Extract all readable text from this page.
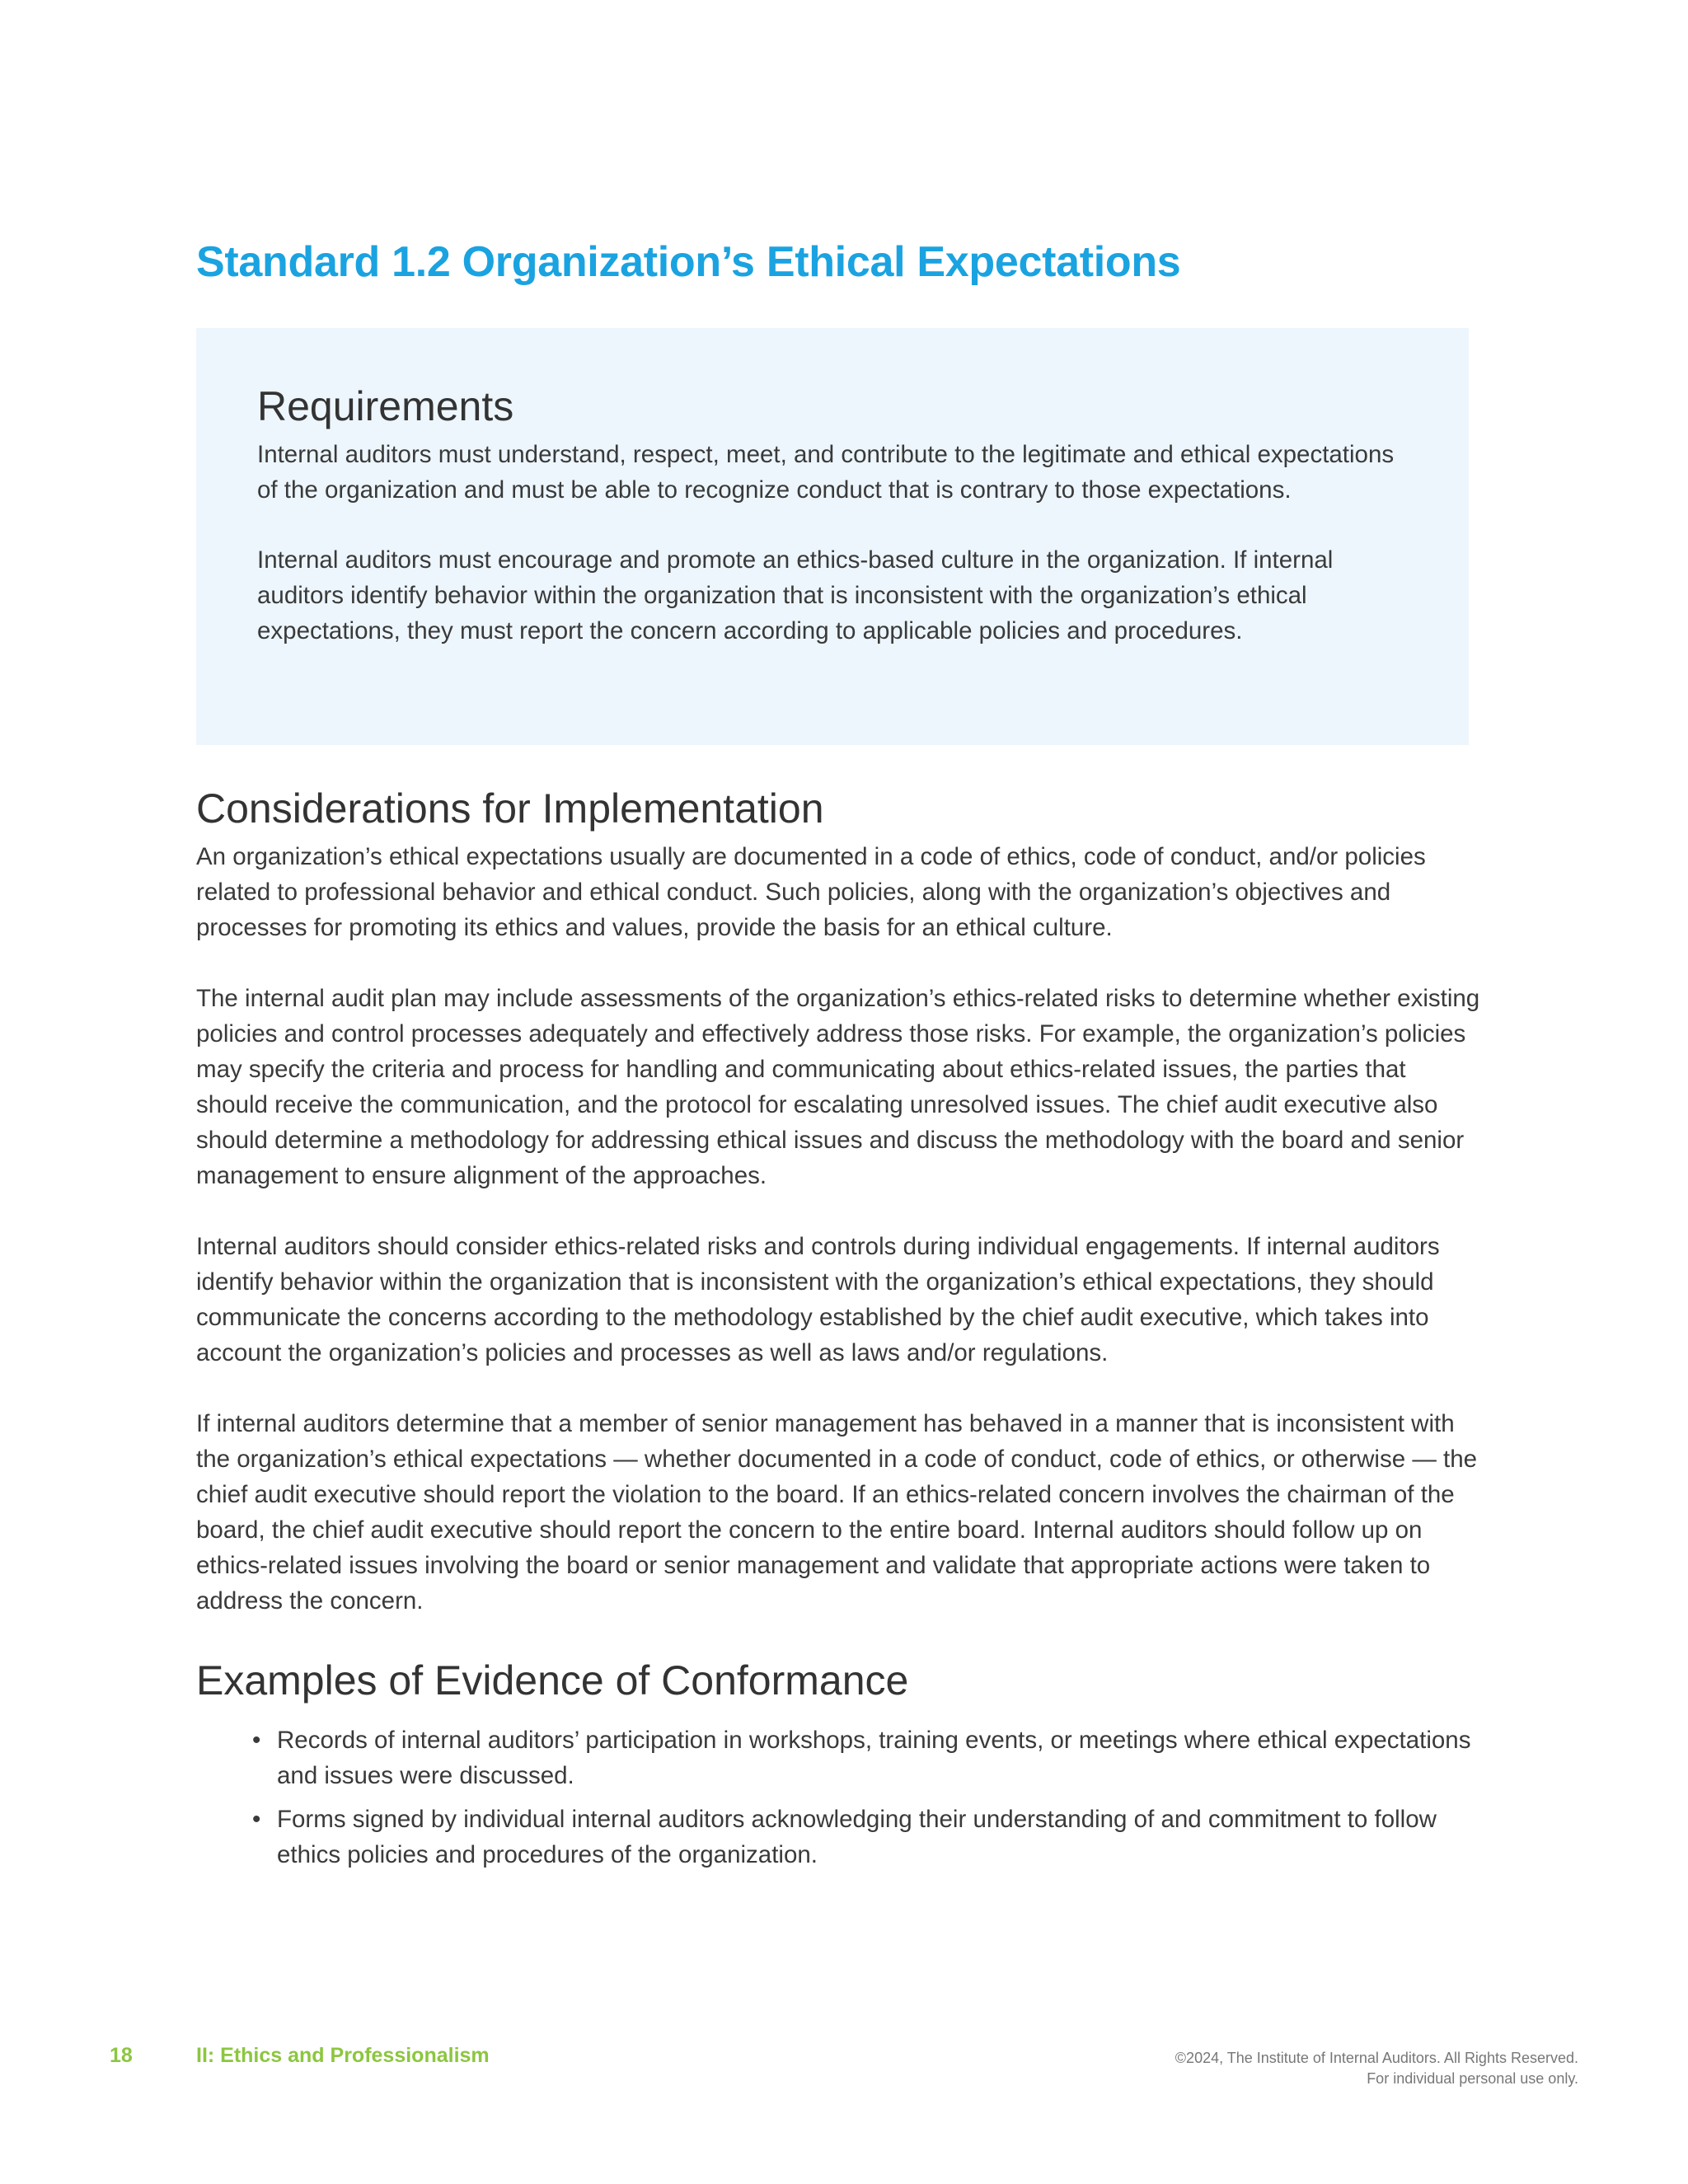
Standard 1.2 Organization’s Ethical Expectations
Requirements

Internal auditors must understand, respect, meet, and contribute to the legitimate and ethical expectations of the organization and must be able to recognize conduct that is contrary to those expectations.

Internal auditors must encourage and promote an ethics-based culture in the organization. If internal auditors identify behavior within the organization that is inconsistent with the organization’s ethical expectations, they must report the concern according to applicable policies and procedures.

Considerations for Implementation

An organization’s ethical expectations usually are documented in a code of ethics, code of conduct, and/or policies related to professional behavior and ethical conduct. Such policies, along with the organization’s objectives and processes for promoting its ethics and values, provide the basis for an ethical culture.

The internal audit plan may include assessments of the organization’s ethics-related risks to determine whether existing policies and control processes adequately and effectively address those risks. For example, the organization’s policies may specify the criteria and process for handling and communicating about ethics-related issues, the parties that should receive the communication, and the protocol for escalating unresolved issues. The chief audit executive also should determine a methodology for addressing ethical issues and discuss the methodology with the board and senior management to ensure alignment of the approaches.

Internal auditors should consider ethics-related risks and controls during individual engagements. If internal auditors identify behavior within the organization that is inconsistent with the organization’s ethical expectations, they should communicate the concerns according to the methodology established by the chief audit executive, which takes into account the organization’s policies and processes as well as laws and/or regulations.

If internal auditors determine that a member of senior management has behaved in a manner that is inconsistent with the organization’s ethical expectations — whether documented in a code of conduct, code of ethics, or otherwise — the chief audit executive should report the violation to the board. If an ethics-related concern involves the chairman of the board, the chief audit executive should report the concern to the entire board. Internal auditors should follow up on ethics-related issues involving the board or senior management and validate that appropriate actions were taken to address the concern.

Examples of Evidence of Conformance
• Records of internal auditors’ participation in workshops, training events, or meetings where ethical expectations and issues were discussed.
• Forms signed by individual internal auditors acknowledging their understanding of and commitment to follow ethics policies and procedures of the organization.
18	II: Ethics and Professionalism	©2024, The Institute of Internal Auditors. All Rights Reserved.
For individual personal use only.
